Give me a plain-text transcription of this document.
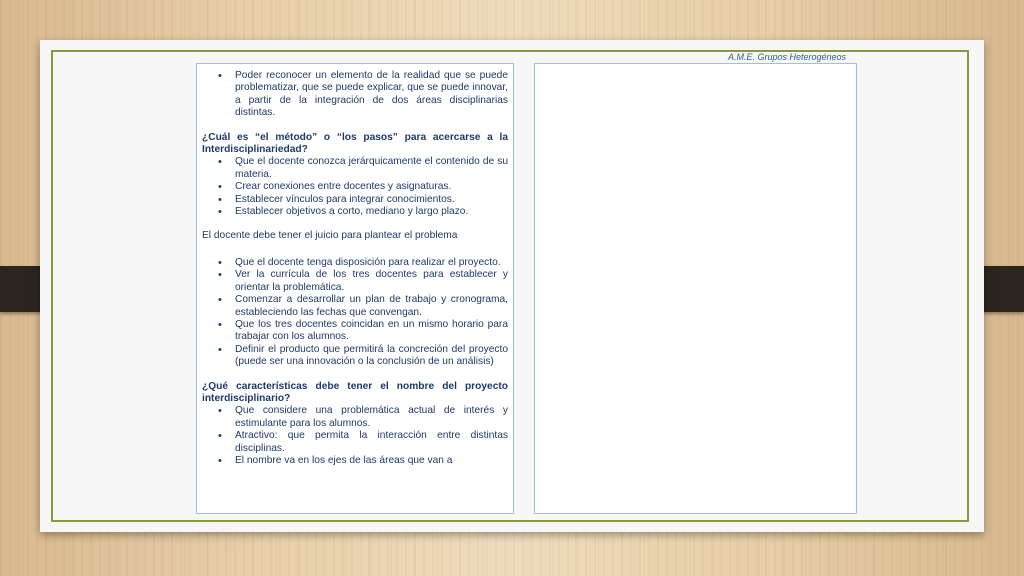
A.M.E. Grupos Heterogéneos
• Poder reconocer un elemento de la realidad que se puede problematizar, que se puede explicar, que se puede innovar, a partir de la integración de dos áreas disciplinarias distintas.

¿Cuál es “el método” o “los pasos” para acercarse a la Interdisciplinariedad?

• Que el docente conozca jerárquicamente el contenido de su materia.
• Crear conexiones entre docentes y asignaturas.
• Establecer vínculos para integrar conocimientos.
• Establecer objetivos a corto, mediano y largo plazo.

El docente debe tener el juicio para plantear el problema

• Que el docente tenga disposición para realizar el proyecto.
• Ver la currícula de los tres docentes para establecer y orientar la problemática.
• Comenzar a desarrollar un plan de trabajo y cronograma, estableciendo las fechas que convengan.
• Que los tres docentes coincidan en un mismo horario para trabajar con los alumnos.
• Definir el producto que permitirá la concreción del proyecto (puede ser una innovación o la conclusión de un análisis)

¿Qué características debe tener el nombre del proyecto interdisciplinario?

• Que considere una problemática actual de interés y estimulante para los alumnos.
• Atractivo: que permita la interacción entre distintas disciplinas.
• El nombre va en los ejes de las áreas que van a
